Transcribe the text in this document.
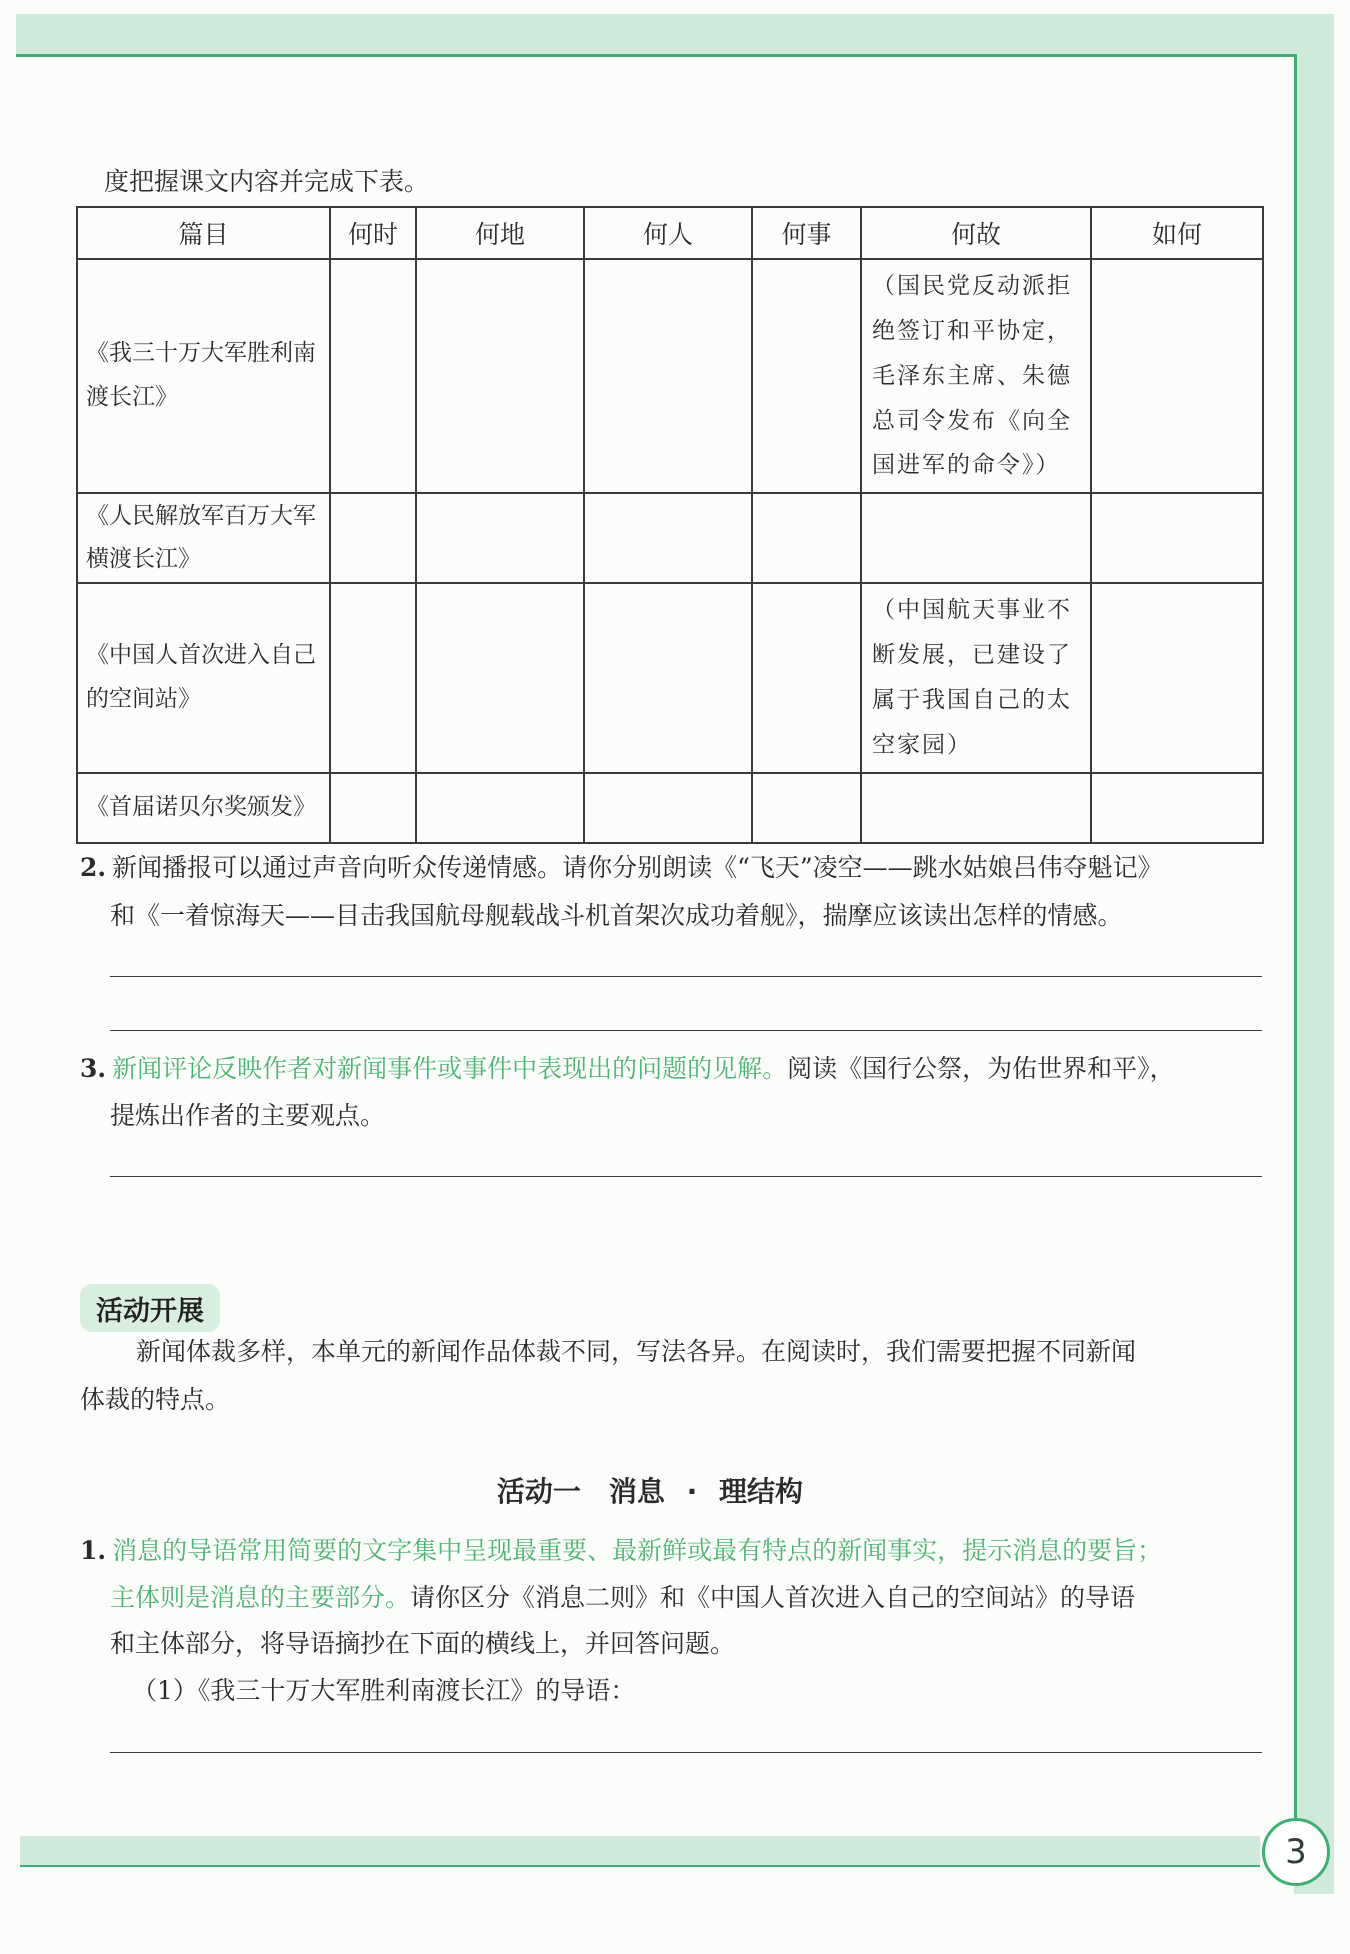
度把握课文内容并完成下表。
篇目	何时	何地	何人	何事	何故	如何
《我三十万大军胜利南渡长江》					（国民党反动派拒绝签订和平协定，毛泽东主席、朱德总司令发布《向全国进军的命令》）	
《人民解放军百万大军横渡长江》						
《中国人首次进入自己的空间站》					（中国航天事业不断发展，已建设了属于我国自己的太空家园）	
《首届诺贝尔奖颁发》						
2. 新闻播报可以通过声音向听众传递情感。请你分别朗读《“飞天”凌空——跳水姑娘吕伟夺魁记》
和《一着惊海天——目击我国航母舰载战斗机首架次成功着舰》，揣摩应该读出怎样的情感。
3. 新闻评论反映作者对新闻事件或事件中表现出的问题的见解。阅读《国行公祭，为佑世界和平》，
提炼出作者的主要观点。
活动开展
新闻体裁多样，本单元的新闻作品体裁不同，写法各异。在阅读时，我们需要把握不同新闻
体裁的特点。
活动一　消息 · 理结构
1. 消息的导语常用简要的文字集中呈现最重要、最新鲜或最有特点的新闻事实，提示消息的要旨；
主体则是消息的主要部分。请你区分《消息二则》和《中国人首次进入自己的空间站》的导语
和主体部分，将导语摘抄在下面的横线上，并回答问题。
（1）《我三十万大军胜利南渡长江》的导语：
3
